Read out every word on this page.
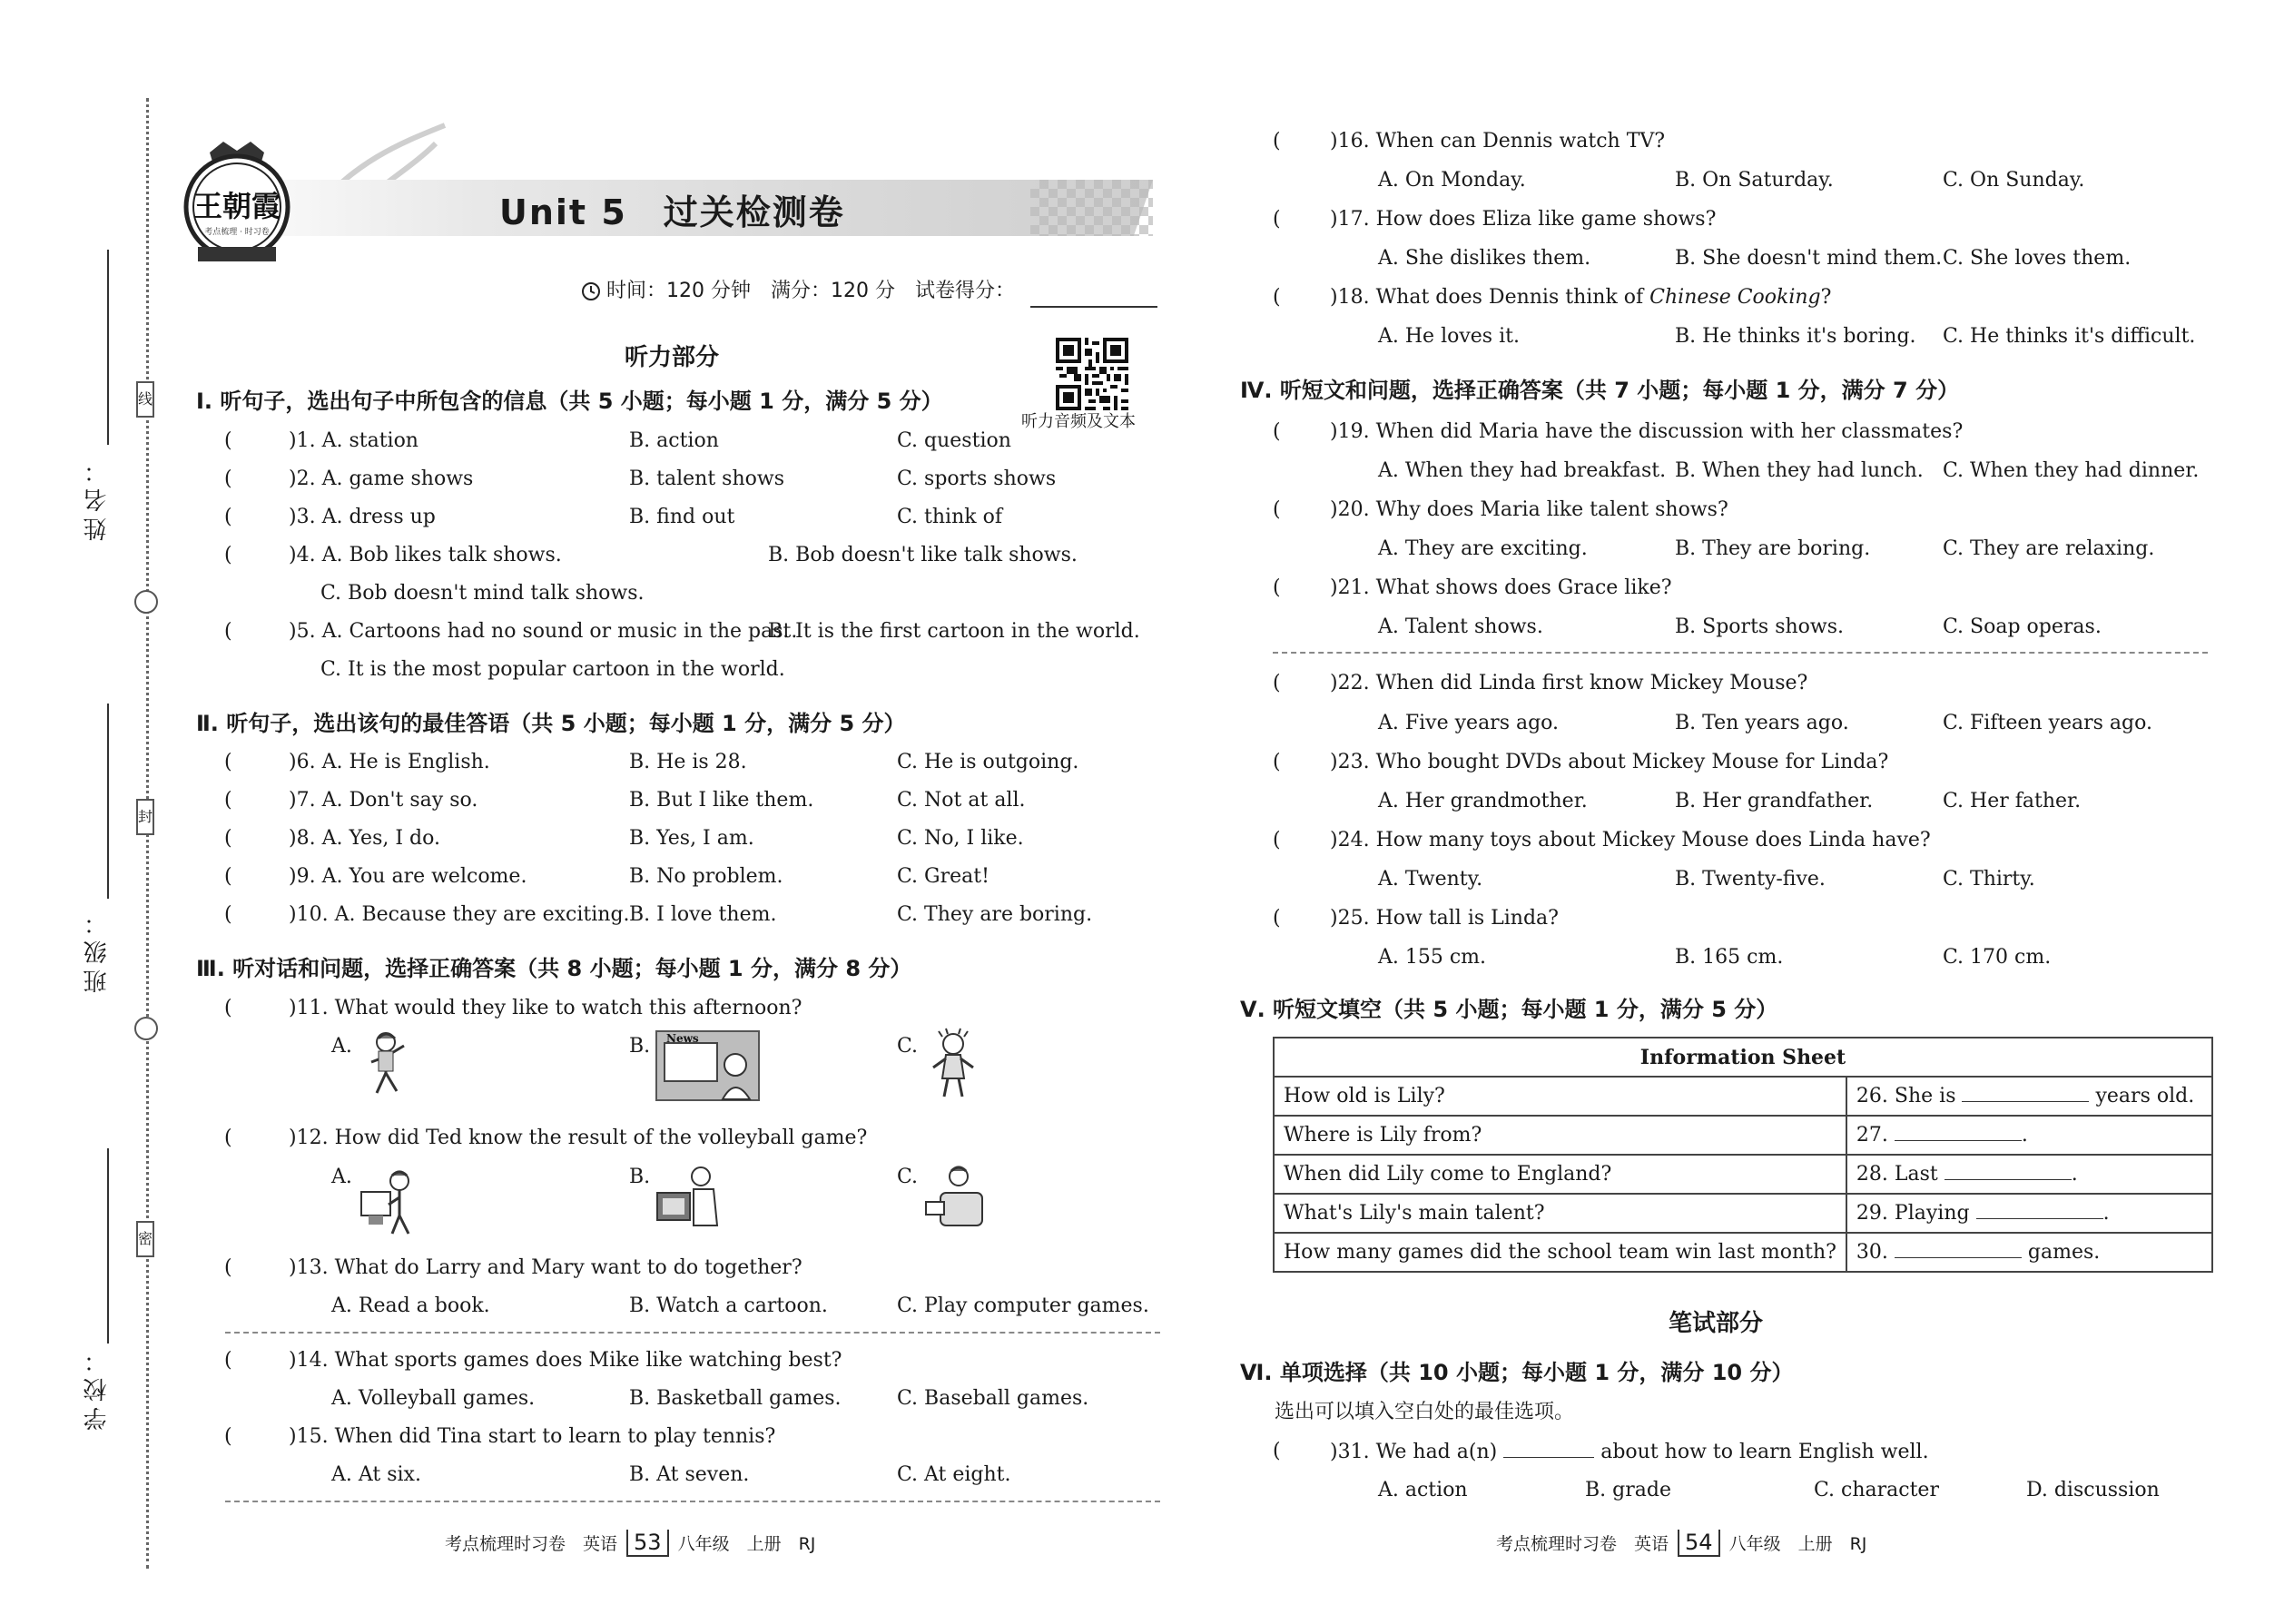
线
封
密
姓名：
班级：
学校：
王朝霞
考点梳理 · 时习卷	Unit 5　过关检测卷
时间：120 分钟　满分：120 分　试卷得分：
听力部分
听力音频及文本
Ⅰ. 听句子，选出句子中所包含的信息（共 5 小题；每小题 1 分，满分 5 分）
(	)1. A. station	B. action	C. question
(	)2. A. game shows	B. talent shows	C. sports shows
(	)3. A. dress up	B. find out	C. think of
(	)4. A. Bob likes talk shows.	B. Bob doesn't like talk shows.
C. Bob doesn't mind talk shows.
(	)5. A. Cartoons had no sound or music in the past.
B. It is the first cartoon in the world.
C. It is the most popular cartoon in the world.
Ⅱ. 听句子，选出该句的最佳答语（共 5 小题；每小题 1 分，满分 5 分）
(	)6. A. He is English.	B. He is 28.	C. He is outgoing.
(	)7. A. Don't say so.	B. But I like them.	C. Not at all.
(	)8. A. Yes, I do.	B. Yes, I am.	C. No, I like.
(	)9. A. You are welcome.	B. No problem.	C. Great!
(	)10. A. Because they are exciting. B. I love them.	C. They are boring.
Ⅲ. 听对话和问题，选择正确答案（共 8 小题；每小题 1 分，满分 8 分）
(	)11. What would they like to watch this afternoon?
A.	B. News	C.
(	)12. How did Ted know the result of the volleyball game?
A.	B.	C.
(	)13. What do Larry and Mary want to do together?
A. Read a book.	B. Watch a cartoon.	C. Play computer games.
(	)14. What sports games does Mike like watching best?
A. Volleyball games.	B. Basketball games.	C. Baseball games.
(	)15. When did Tina start to learn to play tennis?
A. At six.	B. At seven.	C. At eight.
考点梳理时习卷　英语 53 八年级　上册　RJ
( )16. When can Dennis watch TV?
A. On Monday.	B. On Saturday.	C. On Sunday.
( )17. How does Eliza like game shows?
A. She dislikes them.	B. She doesn't mind them. C. She loves them.
( )18. What does Dennis think of Chinese Cooking?
A. He loves it.	B. He thinks it's boring. C. He thinks it's difficult.
Ⅳ. 听短文和问题，选择正确答案（共 7 小题；每小题 1 分，满分 7 分）
( )19. When did Maria have the discussion with her classmates?
A. When they had breakfast. B. When they had lunch. C. When they had dinner.
( )20. Why does Maria like talent shows?
A. They are exciting.	B. They are boring.	C. They are relaxing.
( )21. What shows does Grace like?
A. Talent shows.	B. Sports shows.	C. Soap operas.
( )22. When did Linda first know Mickey Mouse?
A. Five years ago.	B. Ten years ago.	C. Fifteen years ago.
( )23. Who bought DVDs about Mickey Mouse for Linda?
A. Her grandmother.	B. Her grandfather.	C. Her father.
( )24. How many toys about Mickey Mouse does Linda have?
A. Twenty.	B. Twenty-five.	C. Thirty.
( )25. How tall is Linda?
A. 155 cm.	B. 165 cm.	C. 170 cm.
Ⅴ. 听短文填空（共 5 小题；每小题 1 分，满分 5 分）
Information Sheet	
How old is Lily?	26. She is years old.
Where is Lily from?	27. .
When did Lily come to England?	28. Last .
What's Lily's main talent?	29. Playing .
How many games did the school team win last month?	30. games.
笔试部分
Ⅵ. 单项选择（共 10 小题；每小题 1 分，满分 10 分）
选出可以填入空白处的最佳选项。
( )31. We had a(n)	about how to learn English well.
A. action	B. grade	C. character	D. discussion
考点梳理时习卷　英语 54 八年级　上册　RJ
